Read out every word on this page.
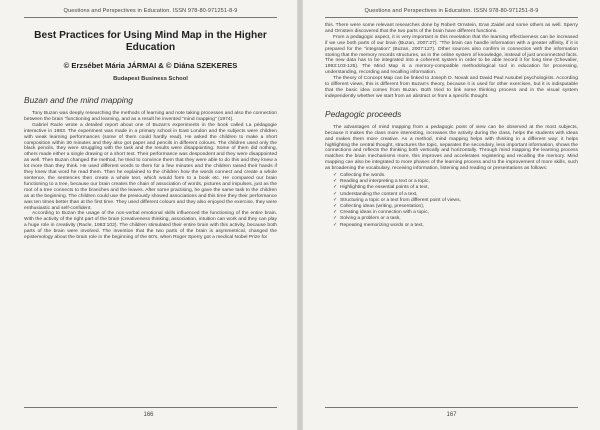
Questions and Perspectives in Education. ISSN 978-80-971251-8-9
Best Practices for Using Mind Map in the Higher Education
© Erzsébet Mária JÁRMAI & © Diána SZEKERES
Budapest Business School
Buzan and the mind mapping

Tony Buzan was deeply researching the methods of learning and note taking processes and also the connection between the brain "functioning and learning, and as a result he invented "mind mapping" (1974).

Gabriel Racle wrote a detailed report about one of Buzan's experiments in the book called La pédagogie interactive in 1983. The experiment was made in a primary school in East London and the subjects were children with weak learning performances (some of them could hardly read). He asked the children to make a short composition within 30 minutes and they also got paper and pencils in different colours. The children used only the black pencils, they were struggling with the task and the results were disappointing. Some of them did nothing, others made either a single drawing or a short text. Their performance was despondent and they were disappointed as well. Then Buzan changed the method, he tried to convince them that they were able to do this and they knew a lot more than they think. He used different words to them for a few minutes and the children raised their hands if they knew that word he read them. Then he explained to the children how the words connect and create a whole sentence, the sentences then create a whole text, which would form to a book etc. He compared our brain functioning to a tree, because our brain creates the chain of association of words, pictures and impulses, just as the root of a tree connects to the branches and the leaves. After some practising, he gave the same task to the children as at the beginning. The children could use the previously showed associations and this time they their performance was ten times better than at the first time. They used different colours and they also enjoyed the exercise, they were enthusiastic and self-confident.

According to Buzan the usage of the non-verbal emotional skills influenced the functioning of the entire brain. With the activity of the right part of the brain (creativeness thinking, association, intuition can work and they can play a huge role in creativity (Racle, 1983:102). The children stimulated their entire brain with this activity, because both parts of the brain were involved. The invention that the two parts of the brain is asymmetrical, changed the epistemology about the brain role in the beginning of the 60's, when Roger Sperry got a medical Nobel Prize for

166
Questions and Perspectives in Education. ISSN 978-80-971251-8-9

this. There were some relevant researches done by Robert Ornstein, Eran Zaidel and some others as well. Sperry and Ornstein discovered that the two parts of the brain have different functions.

From a pedagogic aspect, it is very important in this revelation that the learning effectiveness can be increased if we use both parts of our brain (Buzan, 2007:27). "The brain can handle information with a greater affinity, if it is prepared for the "integration" (Buzan, 2007:127). Other sources also confirm in connection with the information storing that the memory records structures, as in the online system of knowledge, instead of just unconnected facts. The new data has to be integrated into a coherent system in order to be able record it for long time (Chevalier, 1993:103-125). The Mind Map is a memory-compatible methodological tool in education for processing, understanding, recording and recalling information.

The theory of Concept Map can be linked to Joseph D. Novak and David Paul Ausubel psychologists. According to different views, this is different from Buzan's theory, because it is used for other exercises, but it is indisputable that the basic idea comes from Buzan. Both tried to link some thinking process and in the visual system independently whether we start from an abstract or from a specific thought.

Pedagogic proceeds

The advantages of mind mapping from a pedagogic point of view can be observed at the most subjects, because it makes the class more interesting, increases the activity during the class, helps the students with ideas and makes them more creative. As a method, mind mapping helps with thinking in a different way: it helps highlighting the central thought, structures the topic, separates the secondary, less important information, shows the connections and reflects the thinking both vertically and horizontally. Through mind mapping the learning process matches the brain mechanisms more, this improves and accelerates registering and recalling the memory. Mind mapping can also be integrated to more phases of the learning process and to the improvement of more skills, such as broadening the vocabulary, receiving information, listening and reading or presentations as follows:

✓ Collecting the words.
✓ Reading and interpreting a text or a topic,
✓ Highlighting the essential points of a text,
✓ Understanding the content of a text,
✓ Structuring a topic or a text from different point of views,
✓ Collecting ideas (writing, presentation),
✓ Creating ideas in connection with a topic,
✓ Solving a problem or a task,
✓ Repeating memorizing words or a text,
167
